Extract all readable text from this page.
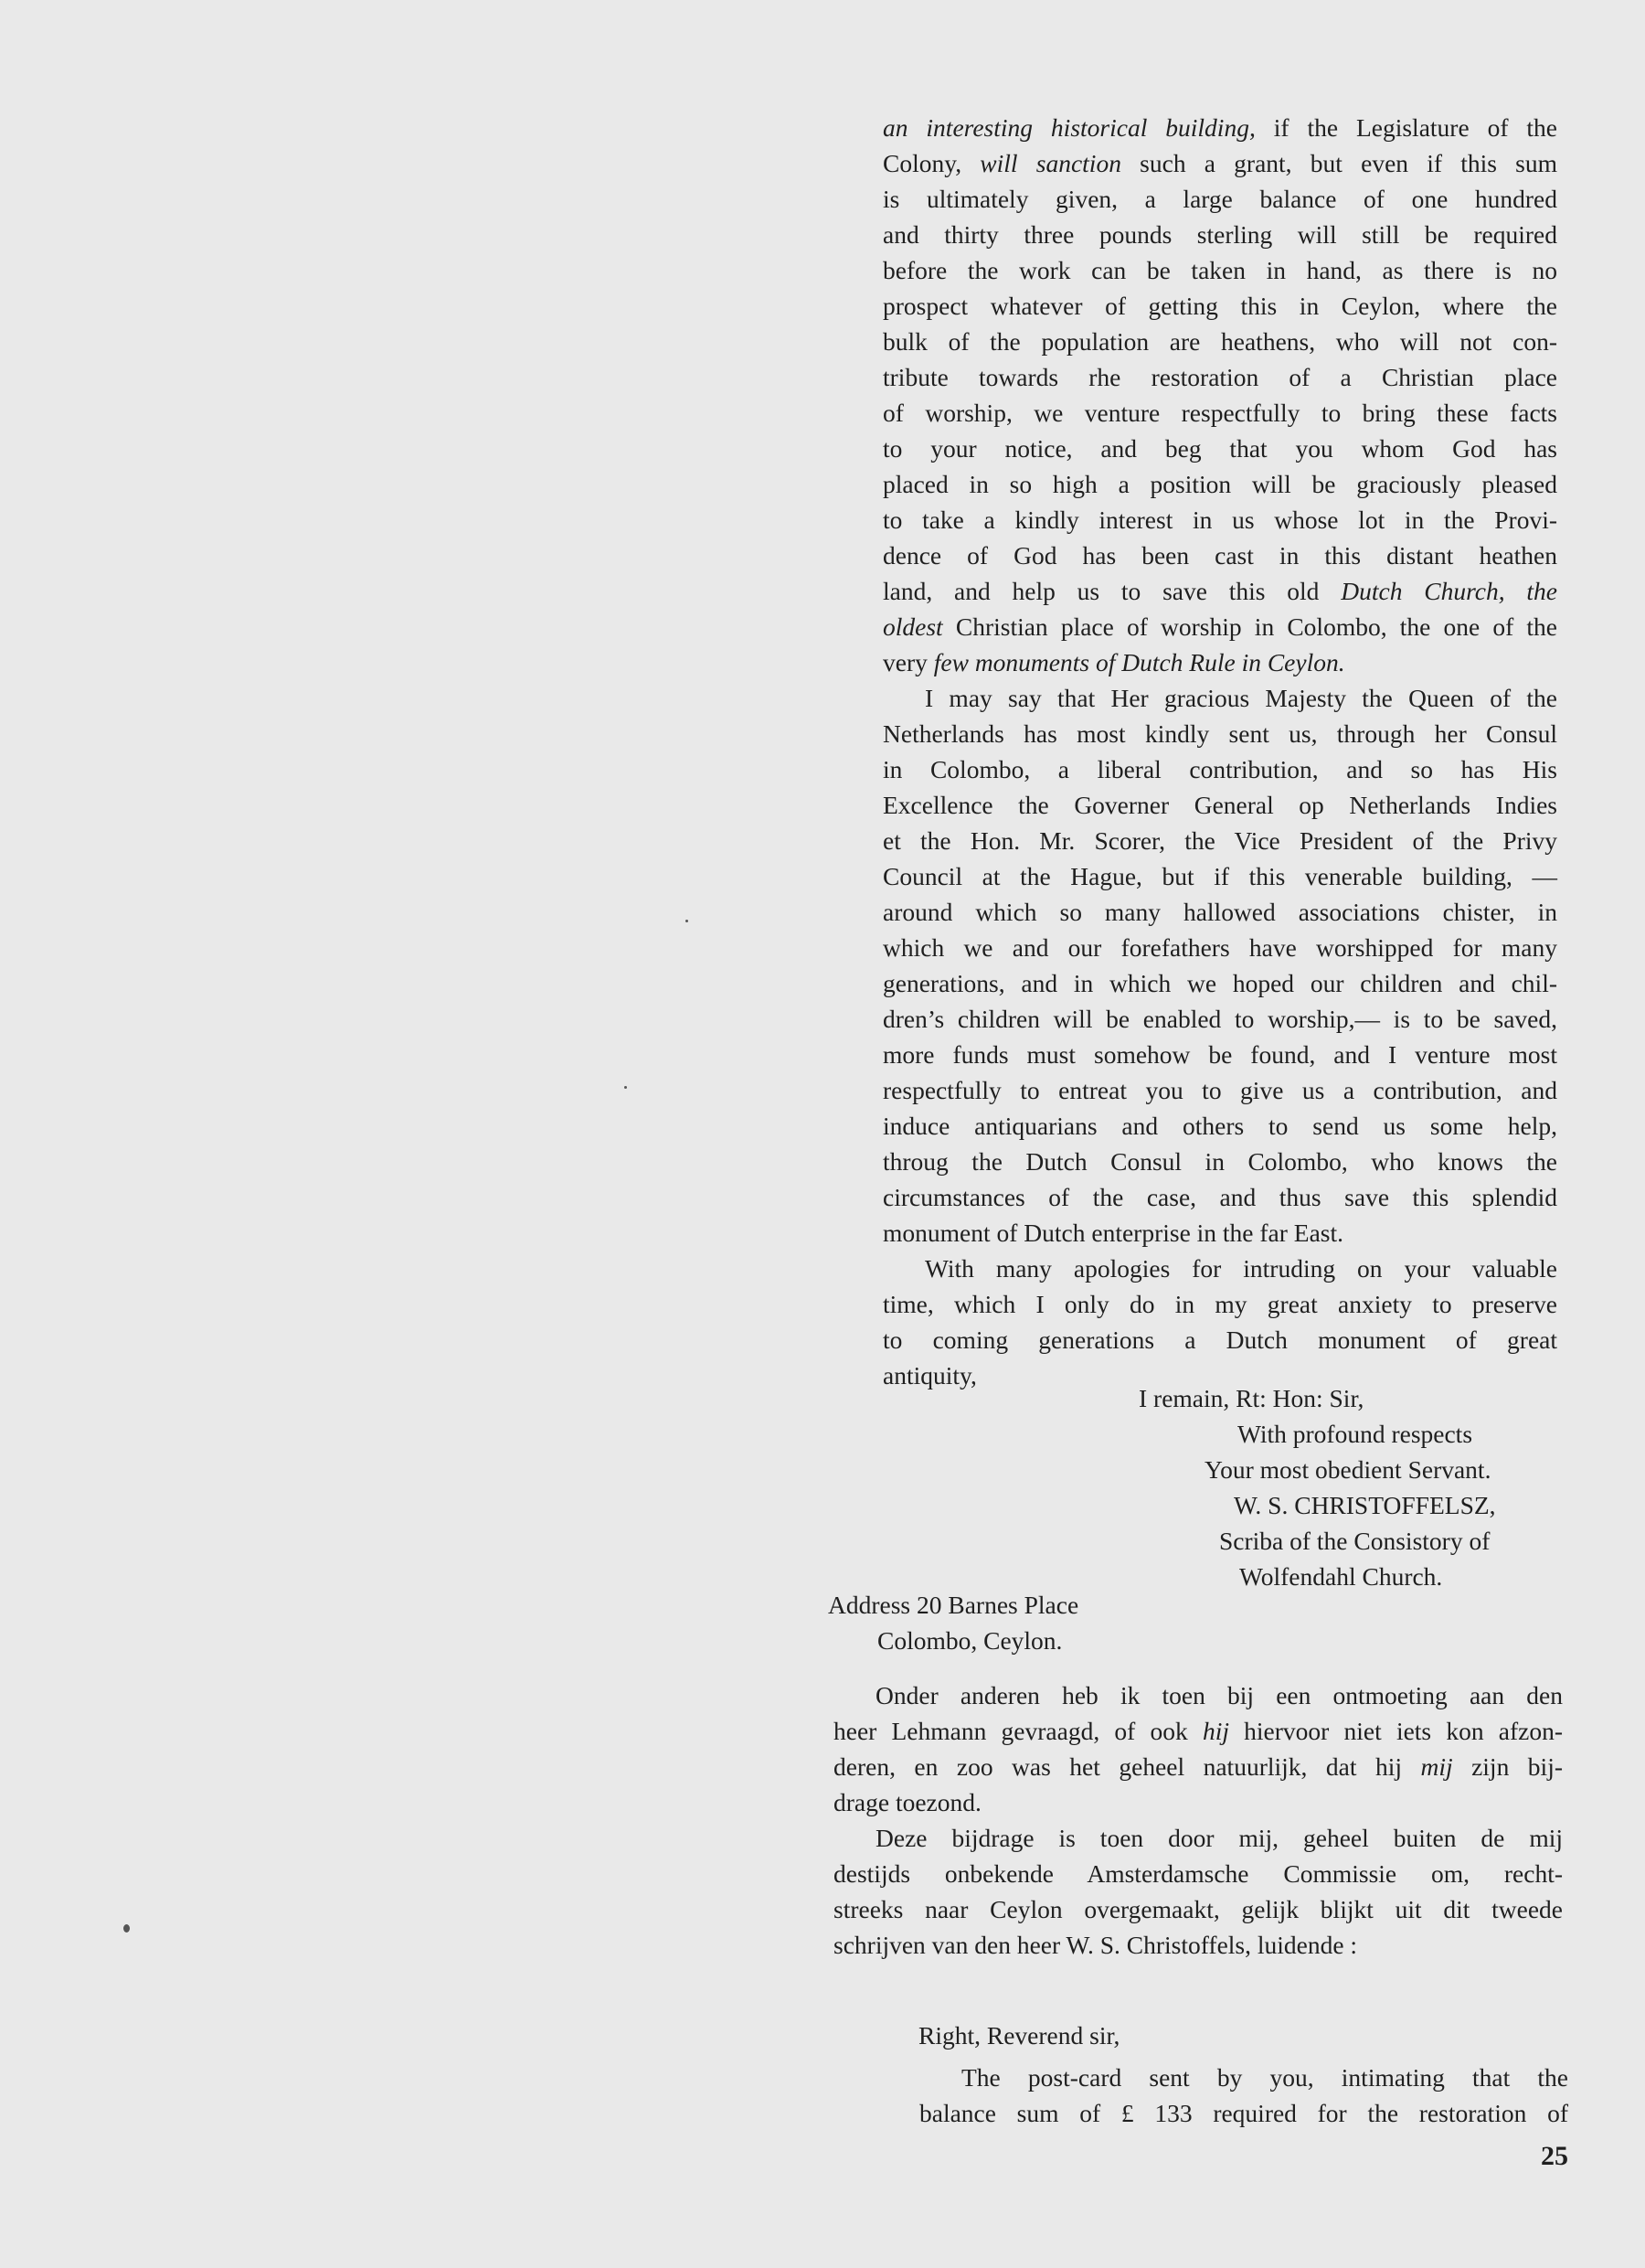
an interesting historical building, if the Legislature of the

Colony, will sanction such a grant, but even if this sum

is ultimately given, a large balance of one hundred

and thirty three pounds sterling will still be required

before the work can be taken in hand, as there is no

prospect whatever of getting this in Ceylon, where the

bulk of the population are heathens, who will not con-

tribute towards rhe restoration of a Christian place

of worship, we venture respectfully to bring these facts

to your notice, and beg that you whom God has

placed in so high a position will be graciously pleased

to take a kindly interest in us whose lot in the Provi-

dence of God has been cast in this distant heathen

land, and help us to save this old Dutch Church, the

oldest Christian place of worship in Colombo, the one of the

very few monuments of Dutch Rule in Ceylon.

I may say that Her gracious Majesty the Queen of the

Netherlands has most kindly sent us, through her Consul

in Colombo, a liberal contribution, and so has His

Excellence the Governer General op Netherlands Indies

et the Hon. Mr. Scorer, the Vice President of the Privy

Council at the Hague, but if this venerable building, —

around which so many hallowed associations chister, in

which we and our forefathers have worshipped for many

generations, and in which we hoped our children and chil-

dren’s children will be enabled to worship,— is to be saved,

more funds must somehow be found, and I venture most

respectfully to entreat you to give us a contribution, and

induce antiquarians and others to send us some help,

throug the Dutch Consul in Colombo, who knows the

circumstances of the case, and thus save this splendid

monument of Dutch enterprise in the far East.

With many apologies for intruding on your valuable

time, which I only do in my great anxiety to preserve

to coming generations a Dutch monument of great

antiquity,

I remain, Rt: Hon: Sir,
With profound respects
Your most obedient Servant.
W. S. CHRISTOFFELSZ,
Scriba of the Consistory of
Wolfendahl Church.
Address 20 Barnes Place
Colombo, Ceylon.

Onder anderen heb ik toen bij een ontmoeting aan den

heer Lehmann gevraagd, of ook hij hiervoor niet iets kon afzon-

deren, en zoo was het geheel natuurlijk, dat hij mij zijn bij-

drage toezond.

Deze bijdrage is toen door mij, geheel buiten de mij

destijds onbekende Amsterdamsche Commissie om, recht-

streeks naar Ceylon overgemaakt, gelijk blijkt uit dit tweede

schrijven van den heer W. S. Christoffels, luidende :

Right, Reverend sir,

The post-card sent by you, intimating that the

balance sum of £ 133 required for the restoration of

25
